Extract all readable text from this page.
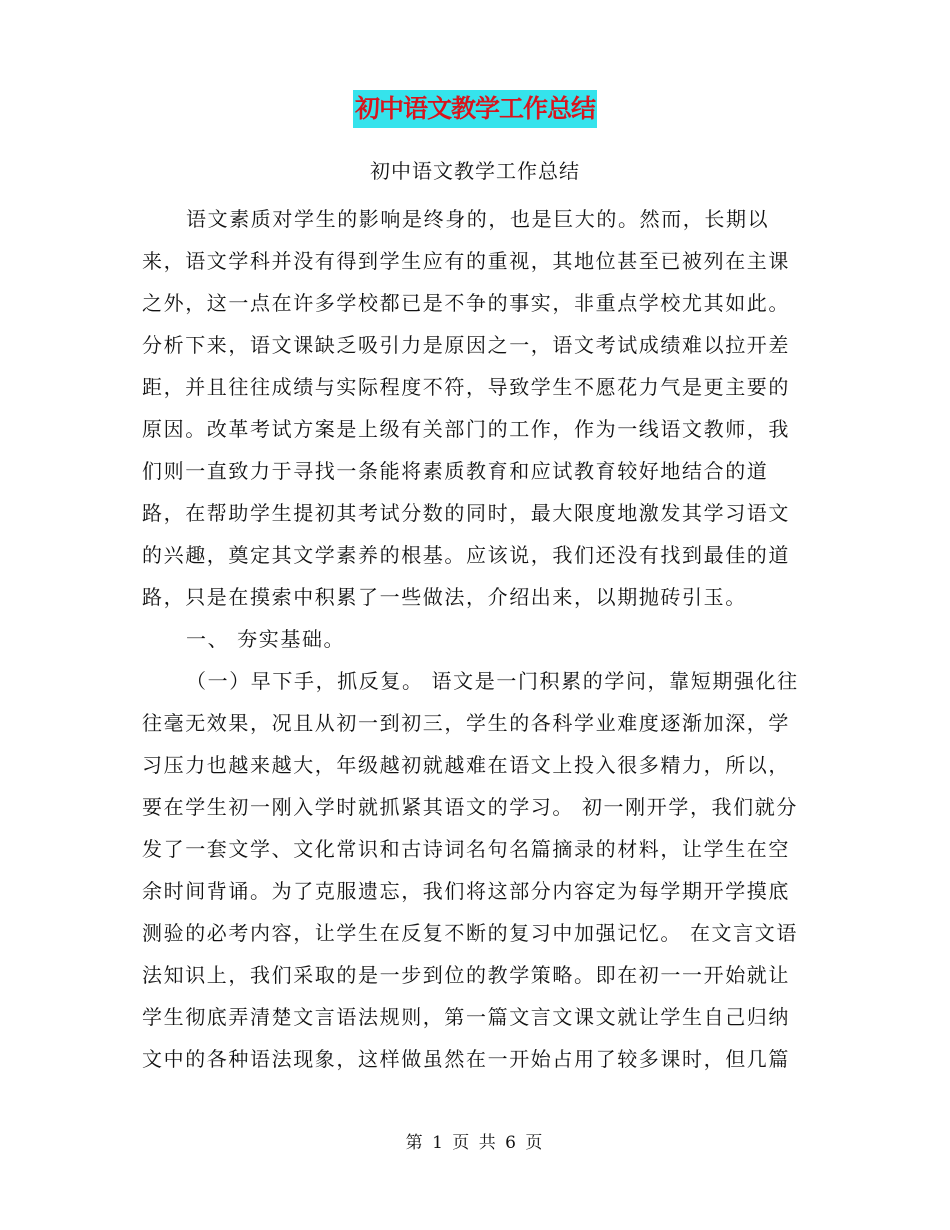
初中语文教学工作总结
初中语文教学工作总结
语文素质对学生的影响是终身的，也是巨大的。然而，长期以
来，语文学科并没有得到学生应有的重视，其地位甚至已被列在主课
之外，这一点在许多学校都已是不争的事实，非重点学校尤其如此。
分析下来，语文课缺乏吸引力是原因之一，语文考试成绩难以拉开差
距，并且往往成绩与实际程度不符，导致学生不愿花力气是更主要的
原因。改革考试方案是上级有关部门的工作，作为一线语文教师，我
们则一直致力于寻找一条能将素质教育和应试教育较好地结合的道
路，在帮助学生提初其考试分数的同时，最大限度地激发其学习语文
的兴趣，奠定其文学素养的根基。应该说，我们还没有找到最佳的道
路，只是在摸索中积累了一些做法，介绍出来，以期抛砖引玉。
一、 夯实基础。
（一）早下手，抓反复。 语文是一门积累的学问，靠短期强化往
往毫无效果，况且从初一到初三，学生的各科学业难度逐渐加深，学
习压力也越来越大，年级越初就越难在语文上投入很多精力，所以，
要在学生初一刚入学时就抓紧其语文的学习。 初一刚开学，我们就分
发了一套文学、文化常识和古诗词名句名篇摘录的材料，让学生在空
余时间背诵。为了克服遗忘，我们将这部分内容定为每学期开学摸底
测验的必考内容，让学生在反复不断的复习中加强记忆。 在文言文语
法知识上，我们采取的是一步到位的教学策略。即在初一一开始就让
学生彻底弄清楚文言语法规则，第一篇文言文课文就让学生自己归纳
文中的各种语法现象，这样做虽然在一开始占用了较多课时，但几篇
第 1 页 共 6 页
